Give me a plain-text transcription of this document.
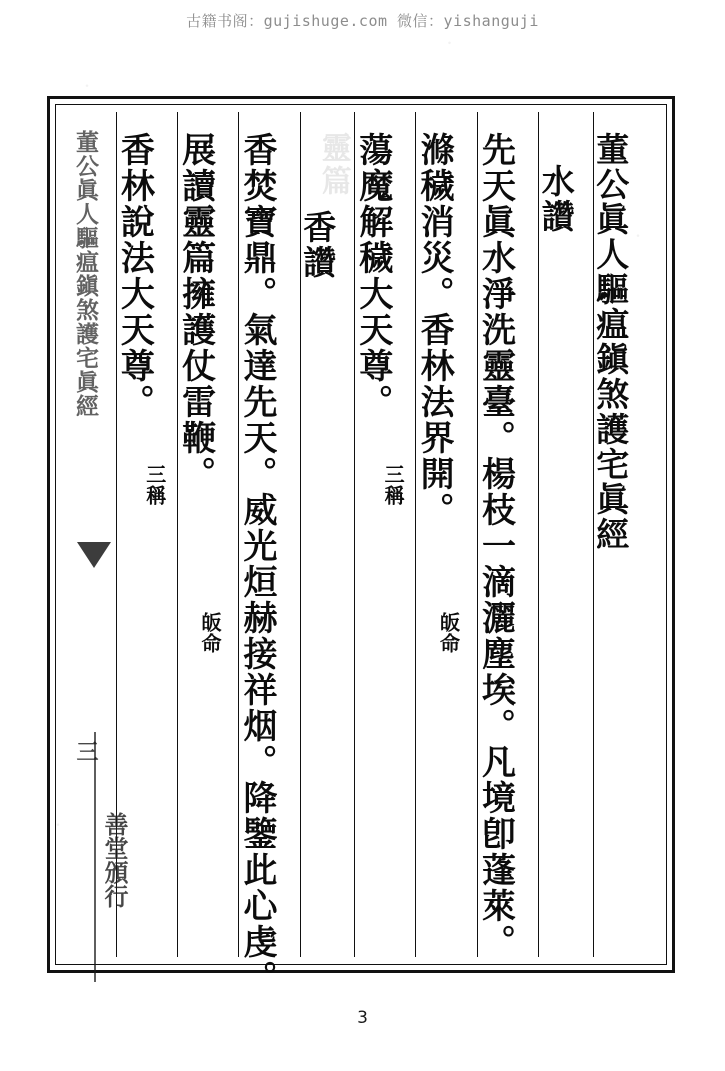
古籍书阁：gujishuge.com 微信：yishanguji
董公眞人驅瘟鎭煞護宅眞經
水讚

先天眞水淨洗靈臺。楊枝一滴灑塵埃。凡境卽蓬萊。
滌穢消災。香林法界開。
皈命
蕩魔解穢大天尊。
三稱
香讚
靈篇
香焚寶鼎。氣達先天。威光烜赫接祥烟。降鑒此心虔。
展讀靈篇擁護仗雷鞭。
皈命
香林說法大天尊。
三稱
董公眞人驅瘟鎭煞護宅眞經
三
善堂頒行
3
